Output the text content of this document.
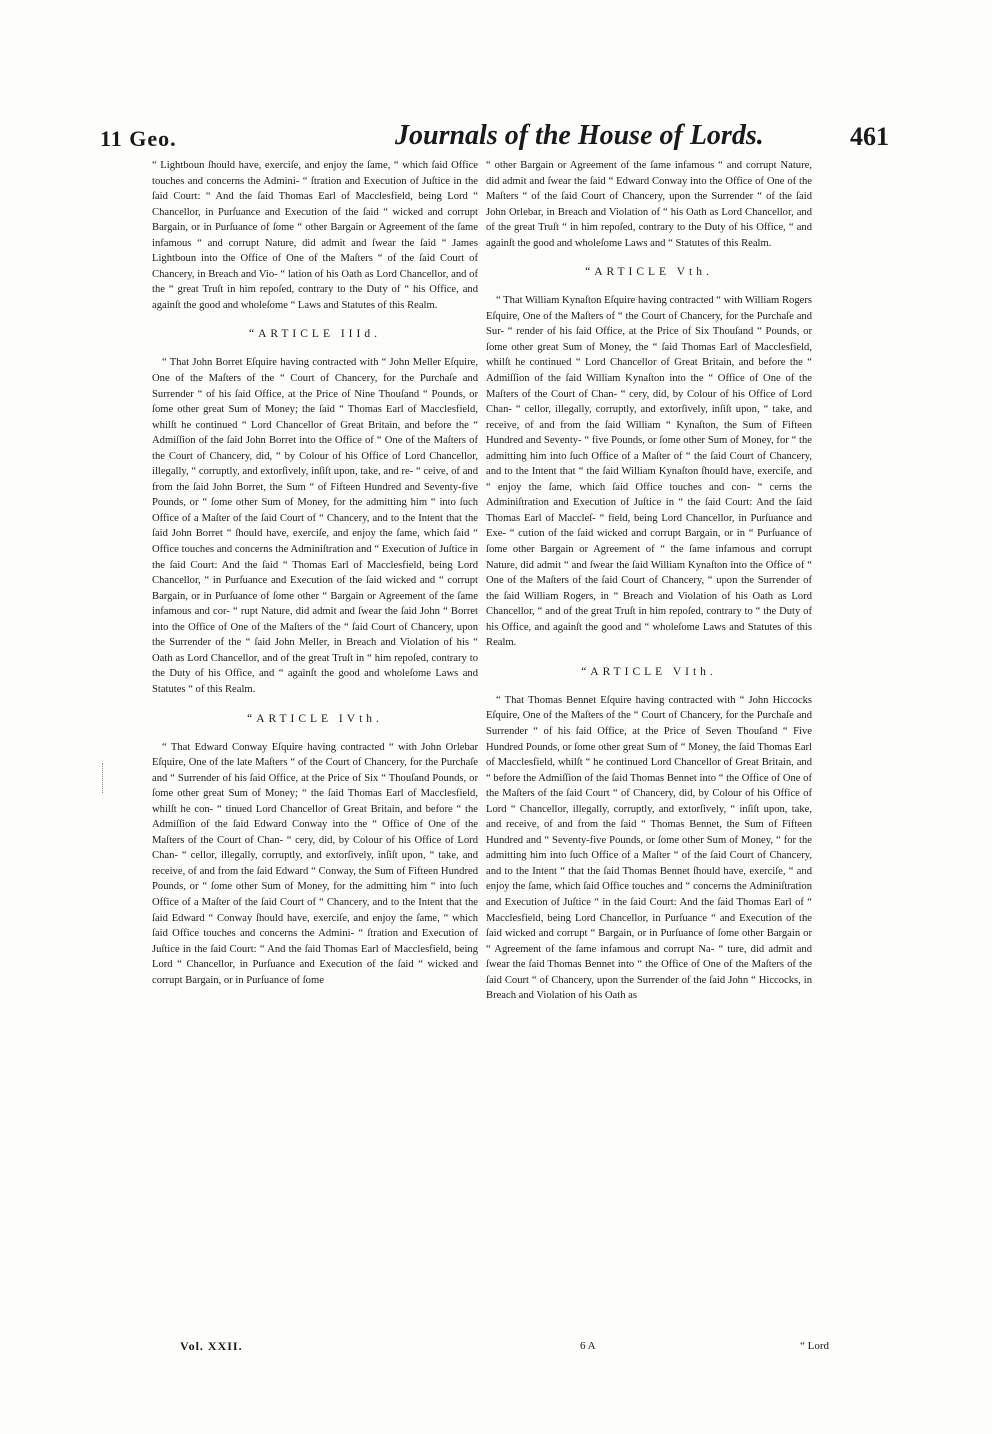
11 Geo.	Journals of the House of Lords.	461

“ Lightboun ſhould have, exerciſe, and enjoy the ſame, “ which ſaid Office touches and concerns the Admini- “ ſtration and Execution of Juſtice in the ſaid Court: “ And the ſaid Thomas Earl of Macclesfield, being Lord “ Chancellor, in Purſuance and Execution of the ſaid “ wicked and corrupt Bargain, or in Purſuance of ſome “ other Bargain or Agreement of the ſame infamous “ and corrupt Nature, did admit and ſwear the ſaid “ James Lightboun into the Office of One of the Maſters “ of the ſaid Court of Chancery, in Breach and Vio- “ lation of his Oath as Lord Chancellor, and of the “ great Truſt in him repoſed, contrary to the Duty of “ his Office, and againſt the good and wholeſome “ Laws and Statutes of this Realm.

“ARTICLE IIId.

“ That John Borret Eſquire having contracted with “ John Meller Eſquire, One of the Maſters of the “ Court of Chancery, for the Purchaſe and Surrender “ of his ſaid Office, at the Price of Nine Thouſand “ Pounds, or ſome other great Sum of Money; the ſaid “ Thomas Earl of Macclesfield, whilſt he continued “ Lord Chancellor of Great Britain, and before the “ Admiſſion of the ſaid John Borret into the Office of “ One of the Maſters of the Court of Chancery, did, “ by Colour of his Office of Lord Chancellor, illegally, “ corruptly, and extorſively, inſiſt upon, take, and re- “ ceive, of and from the ſaid John Borret, the Sum “ of Fifteen Hundred and Seventy-five Pounds, or “ ſome other Sum of Money, for the admitting him “ into ſuch Office of a Maſter of the ſaid Court of “ Chancery, and to the Intent that the ſaid John Borret “ ſhould have, exerciſe, and enjoy the ſame, which ſaid “ Office touches and concerns the Adminiſtration and “ Execution of Juſtice in the ſaid Court: And the ſaid “ Thomas Earl of Macclesfield, being Lord Chancellor, “ in Purſuance and Execution of the ſaid wicked and “ corrupt Bargain, or in Purſuance of ſome other “ Bargain or Agreement of the ſame infamous and cor- “ rupt Nature, did admit and ſwear the ſaid John “ Borret into the Office of One of the Maſters of the “ ſaid Court of Chancery, upon the Surrender of the “ ſaid John Meller, in Breach and Violation of his “ Oath as Lord Chancellor, and of the great Truſt in “ him repoſed, contrary to the Duty of his Office, and “ againſt the good and wholeſome Laws and Statutes “ of this Realm.

“ARTICLE IVth.

“ That Edward Conway Eſquire having contracted “ with John Orlebar Eſquire, One of the late Maſters “ of the Court of Chancery, for the Purchaſe and “ Surrender of his ſaid Office, at the Price of Six “ Thouſand Pounds, or ſome other great Sum of Money; “ the ſaid Thomas Earl of Macclesfield, whilſt he con- “ tinued Lord Chancellor of Great Britain, and before “ the Admiſſion of the ſaid Edward Conway into the “ Office of One of the Maſters of the Court of Chan- “ cery, did, by Colour of his Office of Lord Chan- “ cellor, illegally, corruptly, and extorſively, inſiſt upon, “ take, and receive, of and from the ſaid Edward “ Conway, the Sum of Fifteen Hundred Pounds, or “ ſome other Sum of Money, for the admitting him “ into ſuch Office of a Maſter of the ſaid Court of “ Chancery, and to the Intent that the ſaid Edward “ Conway ſhould have, exerciſe, and enjoy the ſame, “ which ſaid Office touches and concerns the Admini- “ ſtration and Execution of Juſtice in the ſaid Court: “ And the ſaid Thomas Earl of Macclesfield, being Lord “ Chancellor, in Purſuance and Execution of the ſaid “ wicked and corrupt Bargain, or in Purſuance of ſome

“ other Bargain or Agreement of the ſame infamous “ and corrupt Nature, did admit and ſwear the ſaid “ Edward Conway into the Office of One of the Maſters “ of the ſaid Court of Chancery, upon the Surrender “ of the ſaid John Orlebar, in Breach and Violation of “ his Oath as Lord Chancellor, and of the great Truſt “ in him repoſed, contrary to the Duty of his Office, “ and againſt the good and wholeſome Laws and “ Statutes of this Realm.

“ARTICLE Vth.

“ That William Kynaſton Eſquire having contracted “ with William Rogers Eſquire, One of the Maſters of “ the Court of Chancery, for the Purchaſe and Sur- “ render of his ſaid Office, at the Price of Six Thouſand “ Pounds, or ſome other great Sum of Money, the “ ſaid Thomas Earl of Macclesfield, whilſt he continued “ Lord Chancellor of Great Britain, and before the “ Admiſſion of the ſaid William Kynaſton into the “ Office of One of the Maſters of the Court of Chan- “ cery, did, by Colour of his Office of Lord Chan- “ cellor, illegally, corruptly, and extorſively, inſiſt upon, “ take, and receive, of and from the ſaid William “ Kynaſton, the Sum of Fifteen Hundred and Seventy- “ five Pounds, or ſome other Sum of Money, for “ the admitting him into ſuch Office of a Maſter of “ the ſaid Court of Chancery, and to the Intent that “ the ſaid William Kynaſton ſhould have, exerciſe, and “ enjoy the ſame, which ſaid Office touches and con- “ cerns the Adminiſtration and Execution of Juſtice in “ the ſaid Court: And the ſaid Thomas Earl of Maccleſ- “ field, being Lord Chancellor, in Purſuance and Exe- “ cution of the ſaid wicked and corrupt Bargain, or in “ Purſuance of ſome other Bargain or Agreement of “ the ſame infamous and corrupt Nature, did admit “ and ſwear the ſaid William Kynaſton into the Office of “ One of the Maſters of the ſaid Court of Chancery, “ upon the Surrender of the ſaid William Rogers, in “ Breach and Violation of his Oath as Lord Chancellor, “ and of the great Truſt in him repoſed, contrary to “ the Duty of his Office, and againſt the good and “ wholeſome Laws and Statutes of this Realm.

“ARTICLE VIth.

“ That Thomas Bennet Eſquire having contracted with “ John Hiccocks Eſquire, One of the Maſters of the “ Court of Chancery, for the Purchaſe and Surrender “ of his ſaid Office, at the Price of Seven Thouſand “ Five Hundred Pounds, or ſome other great Sum of “ Money, the ſaid Thomas Earl of Macclesfield, whilſt “ he continued Lord Chancellor of Great Britain, and “ before the Admiſſion of the ſaid Thomas Bennet into “ the Office of One of the Maſters of the ſaid Court “ of Chancery, did, by Colour of his Office of Lord “ Chancellor, illegally, corruptly, and extorſively, “ inſiſt upon, take, and receive, of and from the ſaid “ Thomas Bennet, the Sum of Fifteen Hundred and “ Seventy-five Pounds, or ſome other Sum of Money, “ for the admitting him into ſuch Office of a Maſter “ of the ſaid Court of Chancery, and to the Intent “ that the ſaid Thomas Bennet ſhould have, exerciſe, “ and enjoy the ſame, which ſaid Office touches and “ concerns the Adminiſtration and Execution of Juſtice “ in the ſaid Court: And the ſaid Thomas Earl of “ Macclesfield, being Lord Chancellor, in Purſuance “ and Execution of the ſaid wicked and corrupt “ Bargain, or in Purſuance of ſome other Bargain or “ Agreement of the ſame infamous and corrupt Na- “ ture, did admit and ſwear the ſaid Thomas Bennet into “ the Office of One of the Maſters of the ſaid Court “ of Chancery, upon the Surrender of the ſaid John “ Hiccocks, in Breach and Violation of his Oath as

Vol. XXII.	6 A	“ Lord
